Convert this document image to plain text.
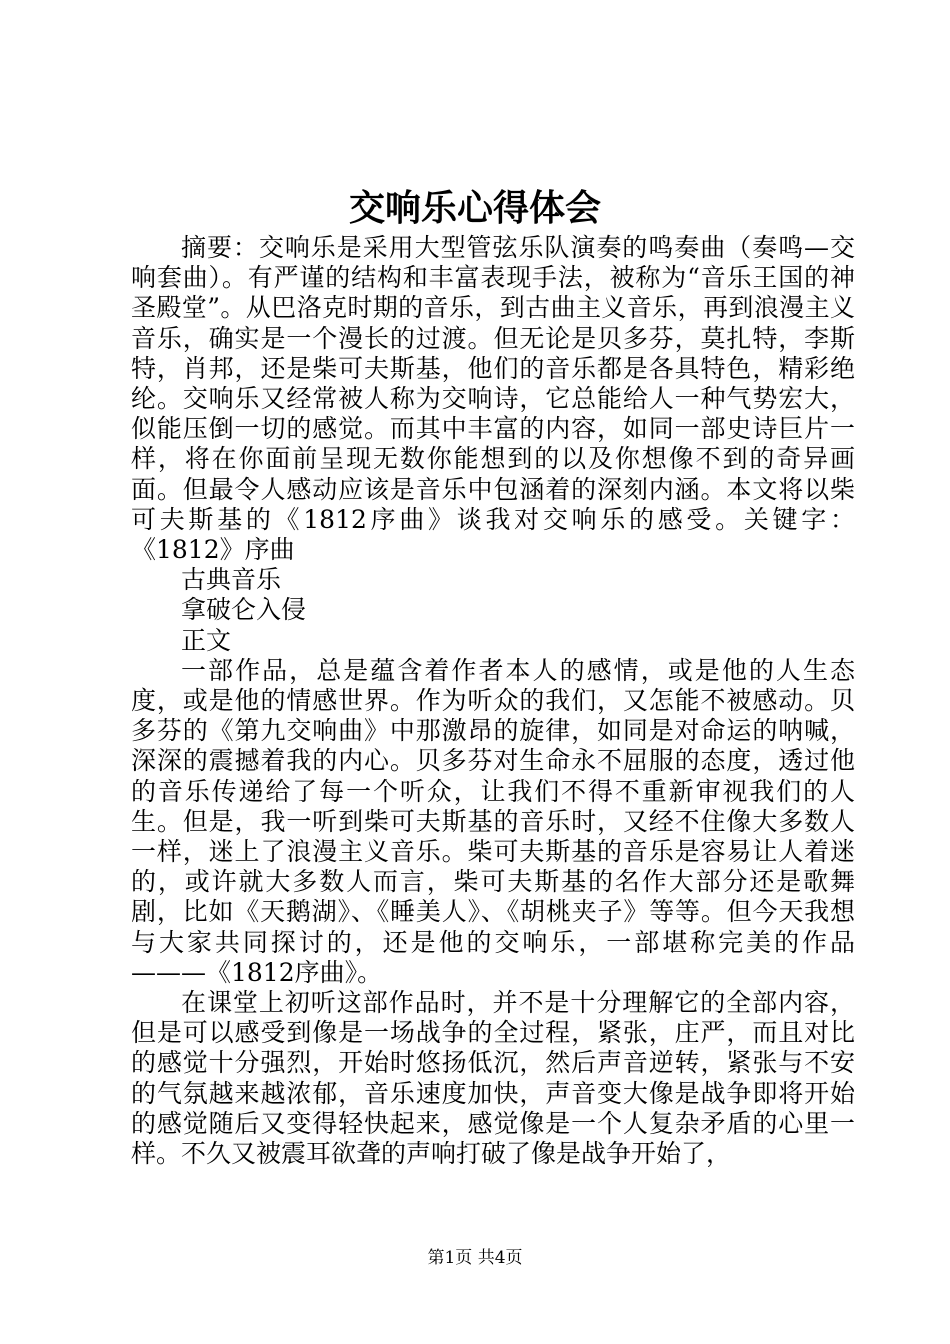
交响乐心得体会

摘要：交响乐是采用大型管弦乐队演奏的鸣奏曲（奏鸣—交响套曲）。有严谨的结构和丰富表现手法，被称为“音乐王国的神圣殿堂”。从巴洛克时期的音乐，到古曲主义音乐，再到浪漫主义音乐，确实是一个漫长的过渡。但无论是贝多芬，莫扎特，李斯特，肖邦，还是柴可夫斯基，他们的音乐都是各具特色，精彩绝纶。交响乐又经常被人称为交响诗，它总能给人一种气势宏大，似能压倒一切的感觉。而其中丰富的内容，如同一部史诗巨片一样，将在你面前呈现无数你能想到的以及你想像不到的奇异画面。但最令人感动应该是音乐中包涵着的深刻内涵。本文将以柴可夫斯基的《1812序曲》谈我对交响乐的感受。关键字：《1812》序曲

古典音乐

拿破仑入侵

正文

一部作品，总是蕴含着作者本人的感情，或是他的人生态度，或是他的情感世界。作为听众的我们，又怎能不被感动。贝多芬的《第九交响曲》中那激昂的旋律，如同是对命运的呐喊，深深的震撼着我的内心。贝多芬对生命永不屈服的态度，透过他的音乐传递给了每一个听众，让我们不得不重新审视我们的人生。但是，我一听到柴可夫斯基的音乐时，又经不住像大多数人一样，迷上了浪漫主义音乐。柴可夫斯基的音乐是容易让人着迷的，或许就大多数人而言，柴可夫斯基的名作大部分还是歌舞剧，比如《天鹅湖》、《睡美人》、《胡桃夹子》等等。但今天我想与大家共同探讨的，还是他的交响乐，一部堪称完美的作品———《1812序曲》。

在课堂上初听这部作品时，并不是十分理解它的全部内容，但是可以感受到像是一场战争的全过程，紧张，庄严，而且对比的感觉十分强烈，开始时悠扬低沉，然后声音逆转，紧张与不安的气氛越来越浓郁，音乐速度加快，声音变大像是战争即将开始的感觉随后又变得轻快起来，感觉像是一个人复杂矛盾的心里一样。不久又被震耳欲聋的声响打破了像是战争开始了，

第1页 共4页
